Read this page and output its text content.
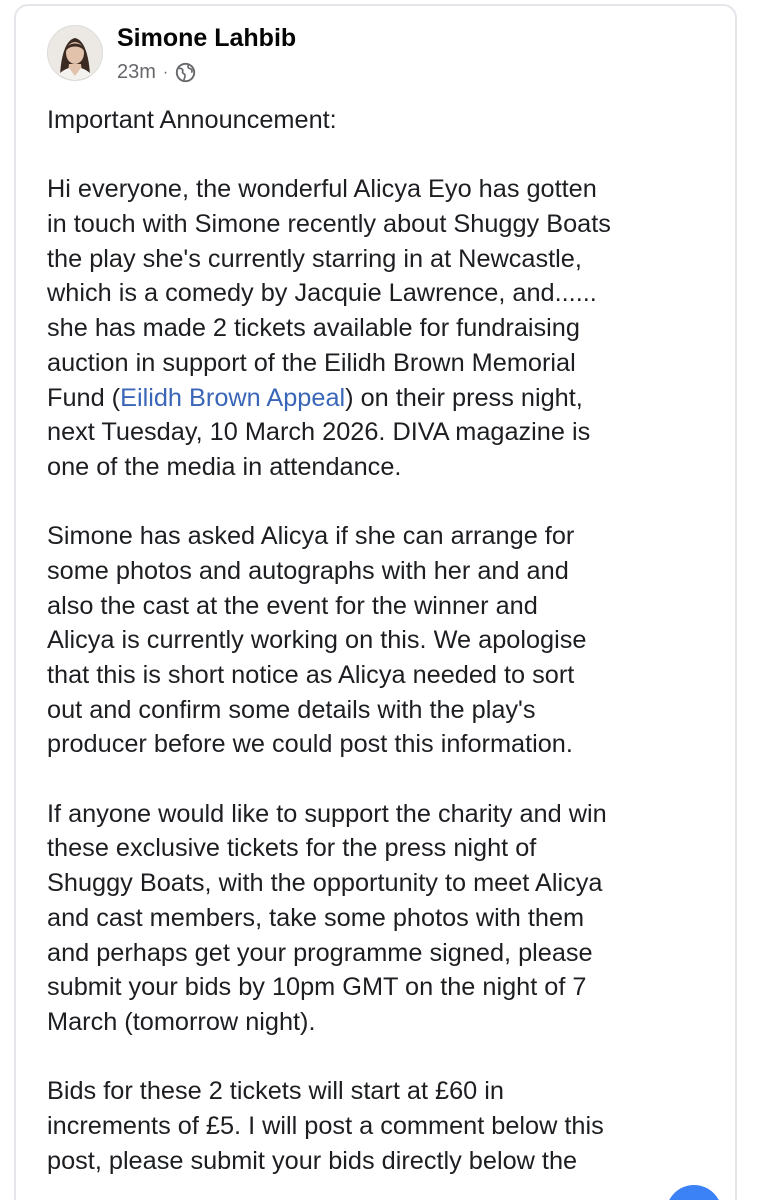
Simone Lahbib
23m ·
Important Announcement:
Hi everyone, the wonderful Alicya Eyo has gotten
in touch with Simone recently about Shuggy Boats
the play she's currently starring in at Newcastle,
which is a comedy by Jacquie Lawrence, and......
she has made 2 tickets available for fundraising
auction in support of the Eilidh Brown Memorial
Fund (Eilidh Brown Appeal) on their press night,
next Tuesday, 10 March 2026. DIVA magazine is
one of the media in attendance.
Simone has asked Alicya if she can arrange for
some photos and autographs with her and and
also the cast at the event for the winner and
Alicya is currently working on this. We apologise
that this is short notice as Alicya needed to sort
out and confirm some details with the play's
producer before we could post this information.
If anyone would like to support the charity and win
these exclusive tickets for the press night of
Shuggy Boats, with the opportunity to meet Alicya
and cast members, take some photos with them
and perhaps get your programme signed, please
submit your bids by 10pm GMT on the night of 7
March (tomorrow night).
Bids for these 2 tickets will start at £60 in
increments of £5. I will post a comment below this
post, please submit your bids directly below the
